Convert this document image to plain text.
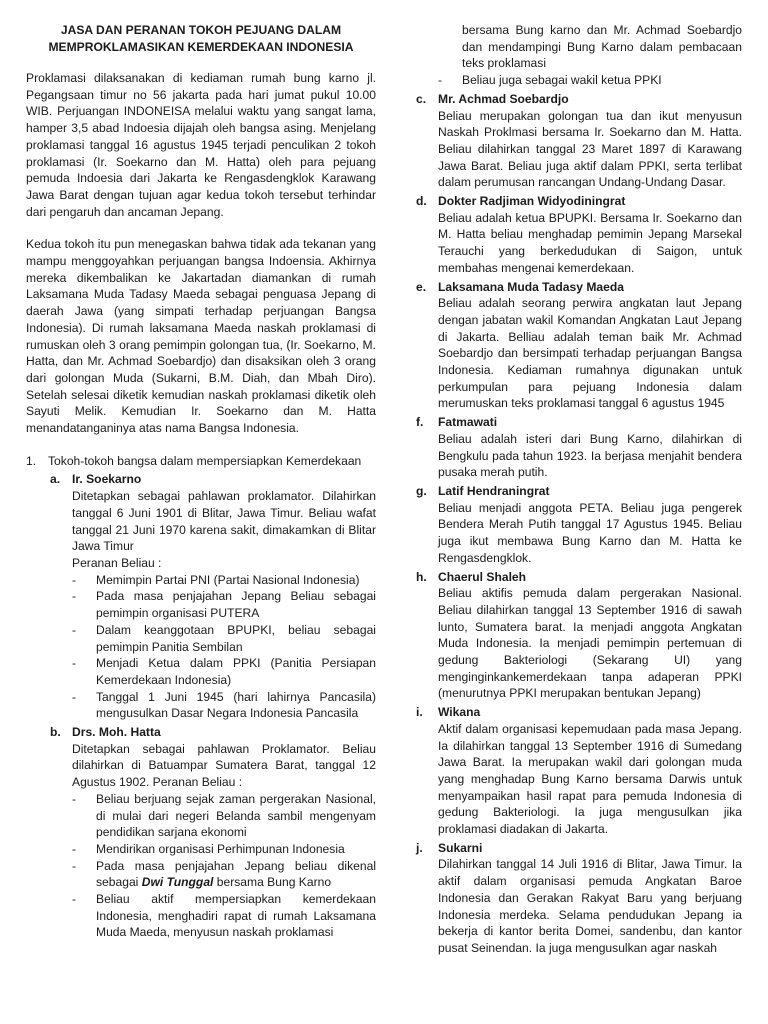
JASA DAN PERANAN TOKOH PEJUANG DALAM
MEMPROKLAMASIKAN KEMERDEKAAN INDONESIA

Proklamasi dilaksanakan di kediaman rumah bung karno jl. Pegangsaan timur no 56 jakarta pada hari jumat pukul 10.00 WIB. Perjuangan INDONEISA melalui waktu yang sangat lama, hamper 3,5 abad Indoesia dijajah oleh bangsa asing. Menjelang proklamasi tanggal 16 agustus 1945 terjadi penculikan 2 tokoh proklamasi (Ir. Soekarno dan M. Hatta) oleh para pejuang pemuda Indoesia dari Jakarta ke Rengasdengklok Karawang Jawa Barat dengan tujuan agar kedua tokoh tersebut terhindar dari pengaruh dan ancaman Jepang.

Kedua tokoh itu pun menegaskan bahwa tidak ada tekanan yang mampu menggoyahkan perjuangan bangsa Indoensia. Akhirnya mereka dikembalikan ke Jakartadan diamankan di rumah Laksamana Muda Tadasy Maeda sebagai penguasa Jepang di daerah Jawa (yang simpati terhadap perjuangan Bangsa Indonesia). Di rumah laksamana Maeda naskah proklamasi di rumuskan oleh 3 orang pemimpin golongan tua, (Ir. Soekarno, M. Hatta, dan Mr. Achmad Soebardjo) dan disaksikan oleh 3 orang dari golongan Muda (Sukarni, B.M. Diah, dan Mbah Diro). Setelah selesai diketik kemudian naskah proklamasi diketik oleh Sayuti Melik. Kemudian Ir. Soekarno dan M. Hatta menandatanganinya atas nama Bangsa Indonesia.

1. Tokoh-tokoh bangsa dalam mempersiapkan Kemerdekaan
a. Ir. Soekarno
Ditetapkan sebagai pahlawan proklamator. Dilahirkan tanggal 6 Juni 1901 di Blitar, Jawa Timur. Beliau wafat tanggal 21 Juni 1970 karena sakit, dimakamkan di Blitar Jawa Timur
Peranan Beliau :
-	Memimpin Partai PNI (Partai Nasional Indonesia)
-	Pada masa penjajahan Jepang Beliau sebagai pemimpin organisasi PUTERA
-	Dalam keanggotaan BPUPKI, beliau sebagai pemimpin Panitia Sembilan
-	Menjadi Ketua dalam PPKI (Panitia Persiapan Kemerdekaan Indonesia)
-	Tanggal 1 Juni 1945 (hari lahirnya Pancasila) mengusulkan Dasar Negara Indonesia Pancasila
b. Drs. Moh. Hatta
Ditetapkan sebagai pahlawan Proklamator. Beliau dilahirkan di Batuampar Sumatera Barat, tanggal 12 Agustus 1902. Peranan Beliau :
-	Beliau berjuang sejak zaman pergerakan Nasional, di mulai dari negeri Belanda sambil mengenyam pendidikan sarjana ekonomi
-	Mendirikan organisasi Perhimpunan Indonesia
-	Pada masa penjajahan Jepang beliau dikenal sebagai Dwi Tunggal bersama Bung Karno
-	Beliau aktif mempersiapkan kemerdekaan Indonesia, menghadiri rapat di rumah Laksamana Muda Maeda, menyusun naskah proklamasi
bersama Bung karno dan Mr. Achmad Soebardjo dan mendampingi Bung Karno dalam pembacaan teks proklamasi
-	Beliau juga sebagai wakil ketua PPKI
c. Mr. Achmad Soebardjo
Beliau merupakan golongan tua dan ikut menyusun Naskah Proklmasi bersama Ir. Soekarno dan M. Hatta. Beliau dilahirkan tanggal 23 Maret 1897 di Karawang Jawa Barat. Beliau juga aktif dalam PPKI, serta terlibat dalam perumusan rancangan Undang-Undang Dasar.
d. Dokter Radjiman Widyodiningrat
Beliau adalah ketua BPUPKI. Bersama Ir. Soekarno dan M. Hatta beliau menghadap pemimin Jepang Marsekal Terauchi yang berkedudukan di Saigon, untuk membahas mengenai kemerdekaan.
e. Laksamana Muda Tadasy Maeda
Beliau adalah seorang perwira angkatan laut Jepang dengan jabatan wakil Komandan Angkatan Laut Jepang di Jakarta. Belliau adalah teman baik Mr. Achmad Soebardjo dan bersimpati terhadap perjuangan Bangsa Indonesia. Kediaman rumahnya digunakan untuk perkumpulan para pejuang Indonesia dalam merumuskan teks proklamasi tanggal 6 agustus 1945
f.	Fatmawati
Beliau adalah isteri dari Bung Karno, dilahirkan di Bengkulu pada tahun 1923. Ia berjasa menjahit bendera pusaka merah putih.
g. Latif Hendraningrat
Beliau menjadi anggota PETA. Beliau juga pengerek Bendera Merah Putih tanggal 17 Agustus 1945. Beliau juga ikut membawa Bung Karno dan M. Hatta ke Rengasdengklok.
h. Chaerul Shaleh
Beliau aktifis pemuda dalam pergerakan Nasional. Beliau dilahirkan tanggal 13 September 1916 di sawah lunto, Sumatera barat. Ia menjadi anggota Angkatan Muda Indonesia. Ia menjadi pemimpin pertemuan di gedung Bakteriologi (Sekarang UI) yang menginginkankemerdekaan tanpa adaperan PPKI (menurutnya PPKI merupakan bentukan Jepang)
i.	Wikana
Aktif dalam organisasi kepemudaan pada masa Jepang. Ia dilahirkan tanggal 13 September 1916 di Sumedang Jawa Barat. Ia merupakan wakil dari golongan muda yang menghadap Bung Karno bersama Darwis untuk menyampaikan hasil rapat para pemuda Indonesia di gedung Bakteriologi. Ia juga mengusulkan jika proklamasi diadakan di Jakarta.
j.	Sukarni
Dilahirkan tanggal 14 Juli 1916 di Blitar, Jawa Timur. Ia aktif dalam organisasi pemuda Angkatan Baroe Indonesia dan Gerakan Rakyat Baru yang berjuang Indonesia merdeka. Selama pendudukan Jepang ia bekerja di kantor berita Domei, sandenbu, dan kantor pusat Seinendan. Ia juga mengusulkan agar naskah
